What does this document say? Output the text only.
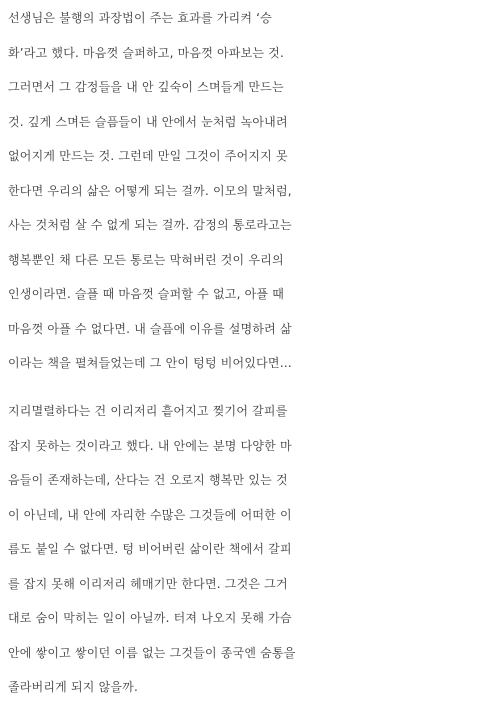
선생님은 불행의 과장법이 주는 효과를 가리켜 ‘승
화’라고 했다. 마음껏 슬퍼하고, 마음껏 아파보는 것.
그러면서 그 감정들을 내 안 깊숙이 스며들게 만드는
것. 깊게 스며든 슬픔들이 내 안에서 눈처럼 녹아내려
없어지게 만드는 것. 그런데 만일 그것이 주어지지 못
한다면 우리의 삶은 어떻게 되는 걸까. 이모의 말처럼,
사는 것처럼 살 수 없게 되는 걸까. 감정의 통로라고는
행복뿐인 채 다른 모든 통로는 막혀버린 것이 우리의
인생이라면. 슬플 때 마음껏 슬퍼할 수 없고, 아플 때
마음껏 아플 수 없다면. 내 슬픔에 이유를 설명하려 삶
이라는 책을 펼쳐들었는데 그 안이 텅텅 비어있다면…
지리멸렬하다는 건 이리저리 흩어지고 찢기어 갈피를
잡지 못하는 것이라고 했다. 내 안에는 분명 다양한 마
음들이 존재하는데, 산다는 건 오로지 행복만 있는 것
이 아닌데, 내 안에 자리한 수많은 그것들에 어떠한 이
름도 붙일 수 없다면. 텅 비어버린 삶이란 책에서 갈피
를 잡지 못해 이리저리 헤매기만 한다면. 그것은 그거
대로 숨이 막히는 일이 아닐까. 터져 나오지 못해 가슴
안에 쌓이고 쌓이던 이름 없는 그것들이 종국엔 숨통을
졸라버리게 되지 않을까.
